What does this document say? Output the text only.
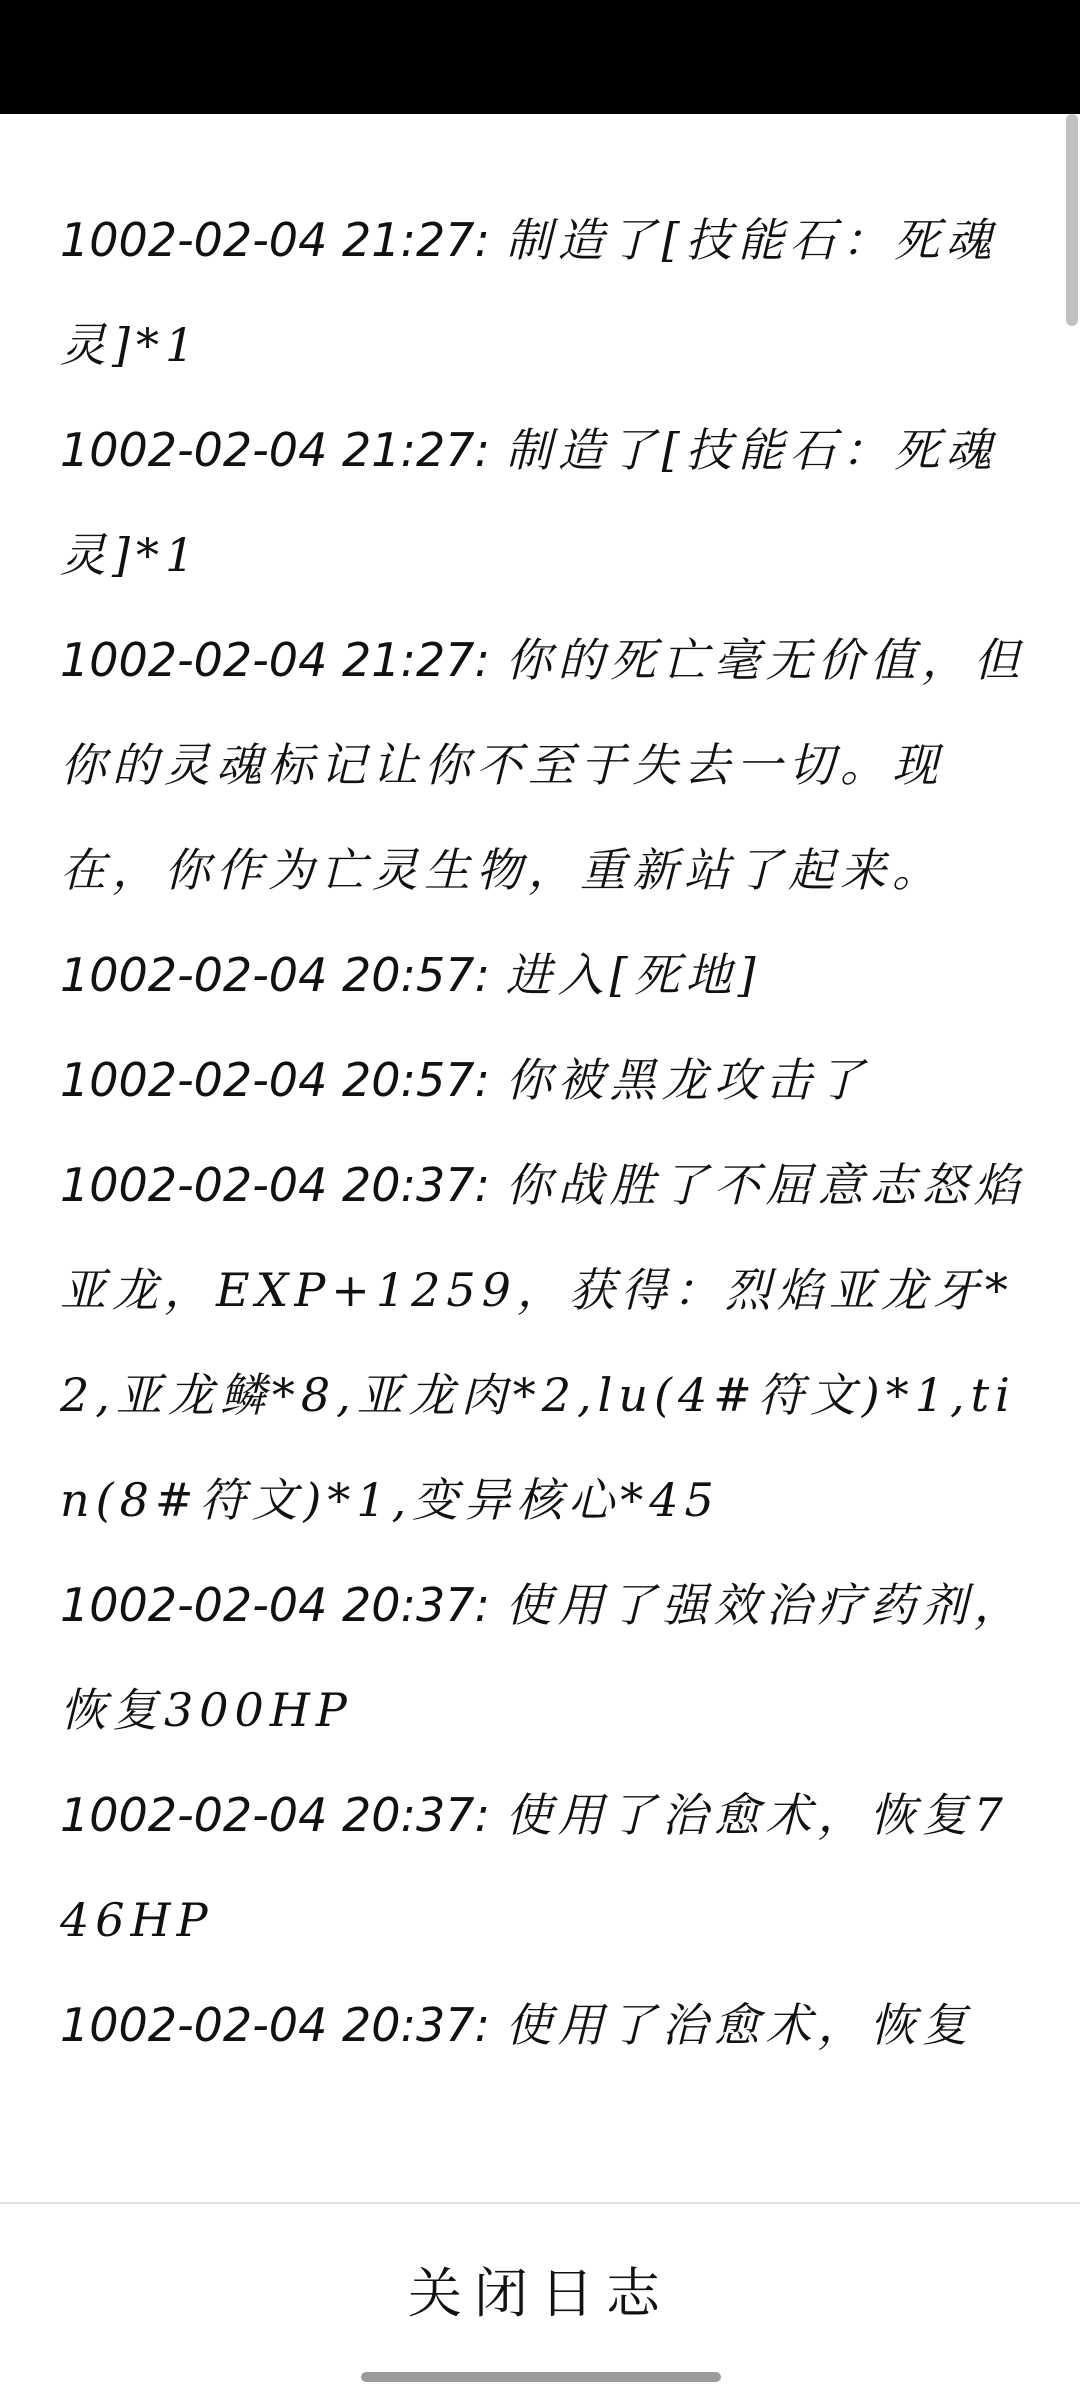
1002-02-04 21:27: 制造了[技能石：死魂灵]*1

1002-02-04 21:27: 制造了[技能石：死魂灵]*1

1002-02-04 21:27: 你的死亡毫无价值，但你的灵魂标记让你不至于失去一切。现在，你作为亡灵生物，重新站了起来。

1002-02-04 20:57: 进入[死地]

1002-02-04 20:57: 你被黑龙攻击了

1002-02-04 20:37: 你战胜了不屈意志怒焰亚龙，EXP+1259，获得：烈焰亚龙牙*2,亚龙鳞*8,亚龙肉*2,lu(4#符文)*1,tin(8#符文)*1,变异核心*45

1002-02-04 20:37: 使用了强效治疗药剂，恢复300HP

1002-02-04 20:37: 使用了治愈术，恢复746HP

1002-02-04 20:37: 使用了治愈术，恢复

关闭日志
